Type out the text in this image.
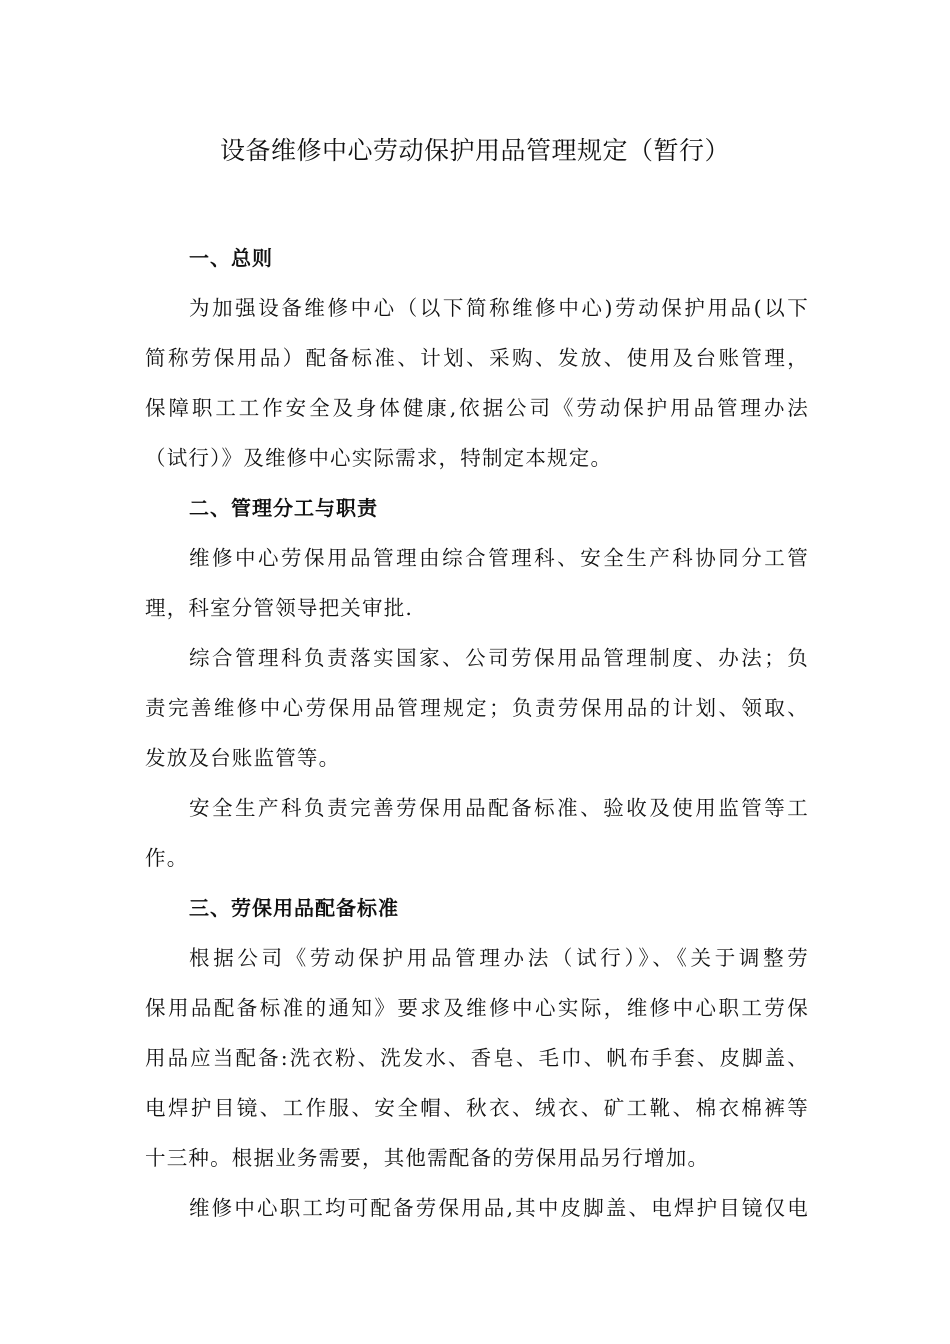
设备维修中心劳动保护用品管理规定（暂行）
一、总则
为加强设备维修中心（以下简称维修中心)劳动保护用品(以下
简称劳保用品）配备标准、计划、采购、发放、使用及台账管理，
保障职工工作安全及身体健康,依据公司《劳动保护用品管理办法
（试行）》及维修中心实际需求，特制定本规定。
二、管理分工与职责
维修中心劳保用品管理由综合管理科、安全生产科协同分工管
理，科室分管领导把关审批.
综合管理科负责落实国家、公司劳保用品管理制度、办法；负
责完善维修中心劳保用品管理规定；负责劳保用品的计划、领取、
发放及台账监管等。
安全生产科负责完善劳保用品配备标准、验收及使用监管等工
作。
三、劳保用品配备标准
根据公司《劳动保护用品管理办法（试行）》、《关于调整劳
保用品配备标准的通知》要求及维修中心实际，维修中心职工劳保
用品应当配备:洗衣粉、洗发水、香皂、毛巾、帆布手套、皮脚盖、
电焊护目镜、工作服、安全帽、秋衣、绒衣、矿工靴、棉衣棉裤等
十三种。根据业务需要，其他需配备的劳保用品另行增加。
维修中心职工均可配备劳保用品,其中皮脚盖、电焊护目镜仅电
